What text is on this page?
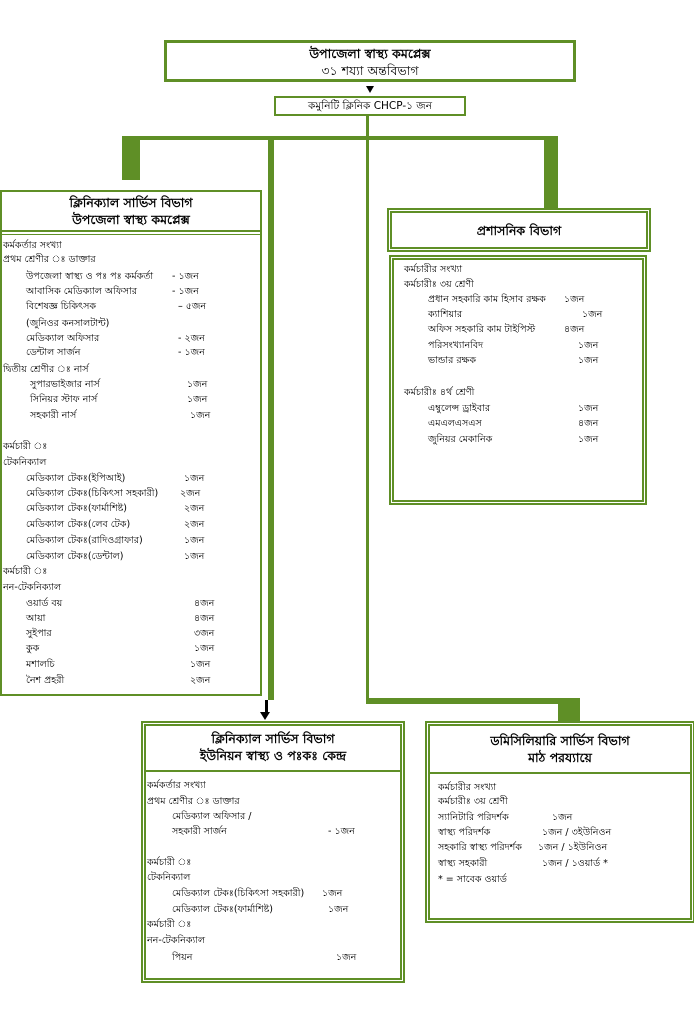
উপাজেলা স্বাস্থ্য কমপ্লেক্স
৩১ শয্যা অন্তবিভাগ
কমুনিটি ক্লিনিক CHCP-১ জন
ক্লিনিক্যাল সার্ভিস বিভাগ
উপজেলা স্বাস্থ্য কমপ্লেক্স
কর্মকর্তার সংখ্যা
প্রথম শ্রেণীর ঃ ডাক্তার
উপজেলা স্বাস্থ্য ও পঃ পঃ কর্মকর্তা - ১জন
আবাসিক মেডিক্যাল অফিসার	- ১জন
বিশেষজ্ঞ চিকিৎসক	– ৫জন
(জুনিওর কনসালটান্ট)
মেডিক্যাল অফিসার	- ২জন
ডেন্টাল সার্জন	- ১জন
দ্বিতীয় শ্রেণীর ঃ নার্স
সুপারভাইজার নার্স	১জন
সিনিয়র স্টাফ নার্স	১জন
সহকারী নার্স	১জন
কর্মচারী ঃ
টেকনিক্যাল
মেডিক্যাল টেকঃ(ইপিআই)	১জন
মেডিক্যাল টেকঃ(চিকিৎসা সহকারী) ২জন
মেডিক্যাল টেকঃ(ফার্মাশিষ্ট)	২জন
মেডিক্যাল টেকঃ(লেব টেক)	২জন
মেডিক্যাল টেকঃ(রাদিওগ্রাফার)	১জন
মেডিক্যাল টেকঃ(ডেন্টাল)	১জন
কর্মচারী ঃ
নন-টেকনিক্যাল
ওয়ার্ড বয়	৪জন
আয়া	৪জন
সুইপার	৩জন
কুক	১জন
মশালচি	১জন
নৈশ প্রহরী	২জন
প্রশাসনিক বিভাগ
কর্মচারীর সংখ্যা
কর্মচারীঃ ৩য় শ্রেণী
প্রধান সহকারি কাম হিসাব রক্ষক ১জন
ক্যাশিয়ার	১জন
অফিস সহকারি কাম টাইপিস্ট	৪জন
পরিসংখ্যানবিদ	১জন
ভান্ডার রক্ষক	১জন
কর্মচারীঃ ৪র্থ শ্রেণী
এম্বুলেন্স ড্রাইবার	১জন
এমএলএসএস	৪জন
জুনিয়র মেকানিক	১জন
ক্লিনিক্যাল সার্ভিস বিভাগ
ইউনিয়ন স্বাস্থ্য ও পঃকঃ কেন্দ্র
কর্মকর্তার সংখ্যা
প্রথম শ্রেণীর ঃ ডাক্তার
মেডিক্যাল অফিসার /
সহকারী সার্জন	- ১জন
কর্মচারী ঃ
টেকনিক্যাল
মেডিক্যাল টেকঃ(চিকিৎসা সহকারী) ১জন
মেডিক্যাল টেকঃ(ফার্মাশিষ্ট)	১জন
কর্মচারী ঃ
নন-টেকনিক্যাল
পিয়ন	১জন
ডমিসিলিয়ারি সার্ভিস বিভাগ
মাঠ পরয্যায়ে
কর্মচারীর সংখ্যা
কর্মচারীঃ ৩য় শ্রেণী
স্যানিটারি পরিদর্শক	১জন
স্বাস্থ্য পরিদর্শক	১জন / ৩ইউনিওন
সহকারি স্বাস্থ্য পরিদর্শক ১জন / ১ইউনিওন
স্বাস্থ্য সহকারী	১জন / ১ওয়ার্ড *
* = সাবেক ওয়ার্ড
